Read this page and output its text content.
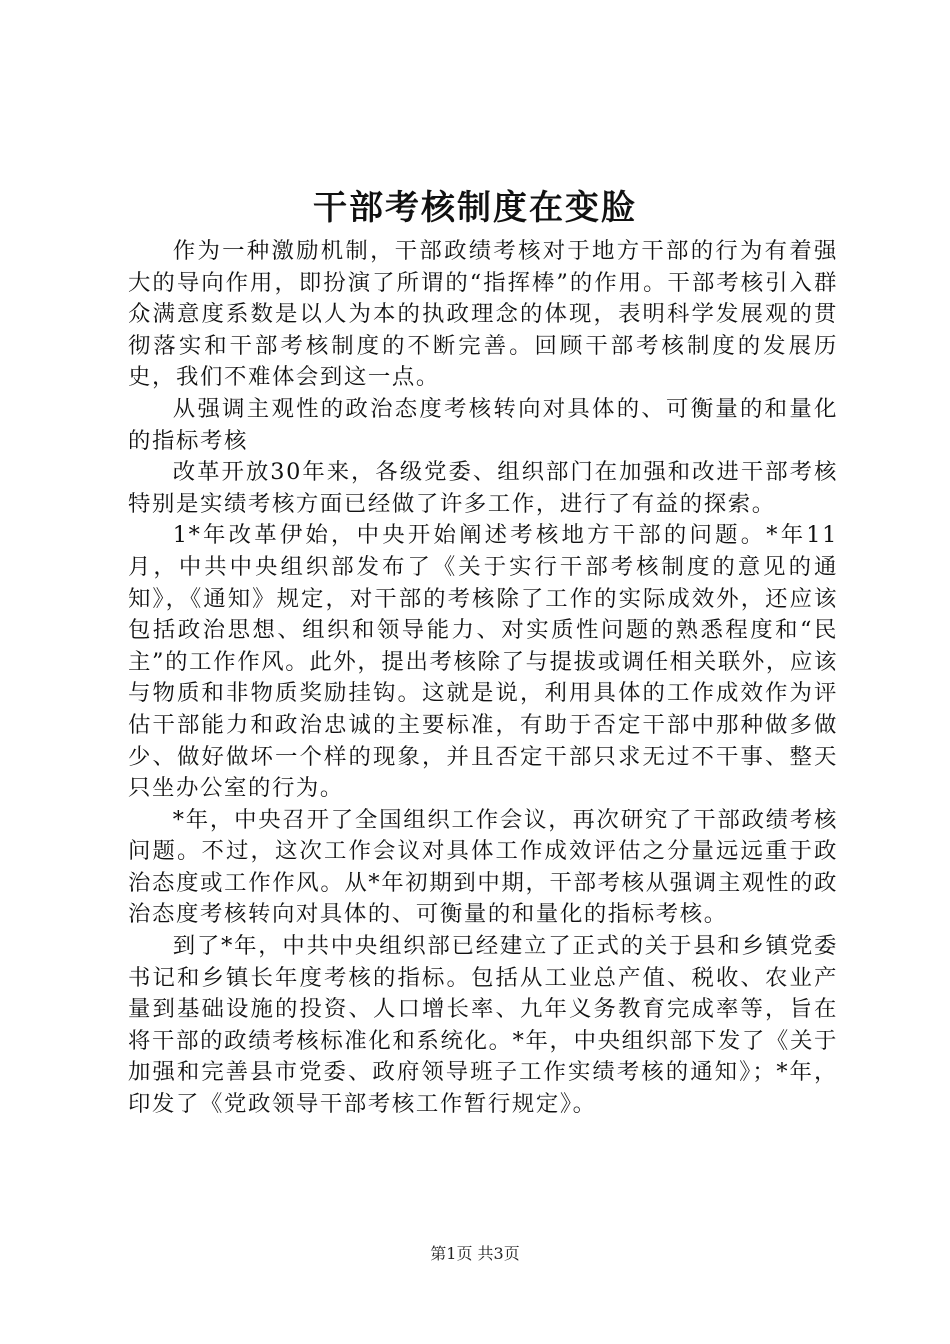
干部考核制度在变脸

作为一种激励机制，干部政绩考核对于地方干部的行为有着强大的导向作用，即扮演了所谓的“指挥棒”的作用。干部考核引入群众满意度系数是以人为本的执政理念的体现，表明科学发展观的贯彻落实和干部考核制度的不断完善。回顾干部考核制度的发展历史，我们不难体会到这一点。

从强调主观性的政治态度考核转向对具体的、可衡量的和量化的指标考核

改革开放30年来，各级党委、组织部门在加强和改进干部考核特别是实绩考核方面已经做了许多工作，进行了有益的探索。

1*年改革伊始，中央开始阐述考核地方干部的问题。*年11月，中共中央组织部发布了《关于实行干部考核制度的意见的通知》，《通知》规定，对干部的考核除了工作的实际成效外，还应该包括政治思想、组织和领导能力、对实质性问题的熟悉程度和“民主”的工作作风。此外，提出考核除了与提拔或调任相关联外，应该与物质和非物质奖励挂钩。这就是说，利用具体的工作成效作为评估干部能力和政治忠诚的主要标准，有助于否定干部中那种做多做少、做好做坏一个样的现象，并且否定干部只求无过不干事、整天只坐办公室的行为。

*年，中央召开了全国组织工作会议，再次研究了干部政绩考核问题。不过，这次工作会议对具体工作成效评估之分量远远重于政治态度或工作作风。从*年初期到中期，干部考核从强调主观性的政治态度考核转向对具体的、可衡量的和量化的指标考核。

到了*年，中共中央组织部已经建立了正式的关于县和乡镇党委书记和乡镇长年度考核的指标。包括从工业总产值、税收、农业产量到基础设施的投资、人口增长率、九年义务教育完成率等，旨在将干部的政绩考核标准化和系统化。*年，中央组织部下发了《关于加强和完善县市党委、政府领导班子工作实绩考核的通知》；*年，印发了《党政领导干部考核工作暂行规定》。

第1页 共3页
